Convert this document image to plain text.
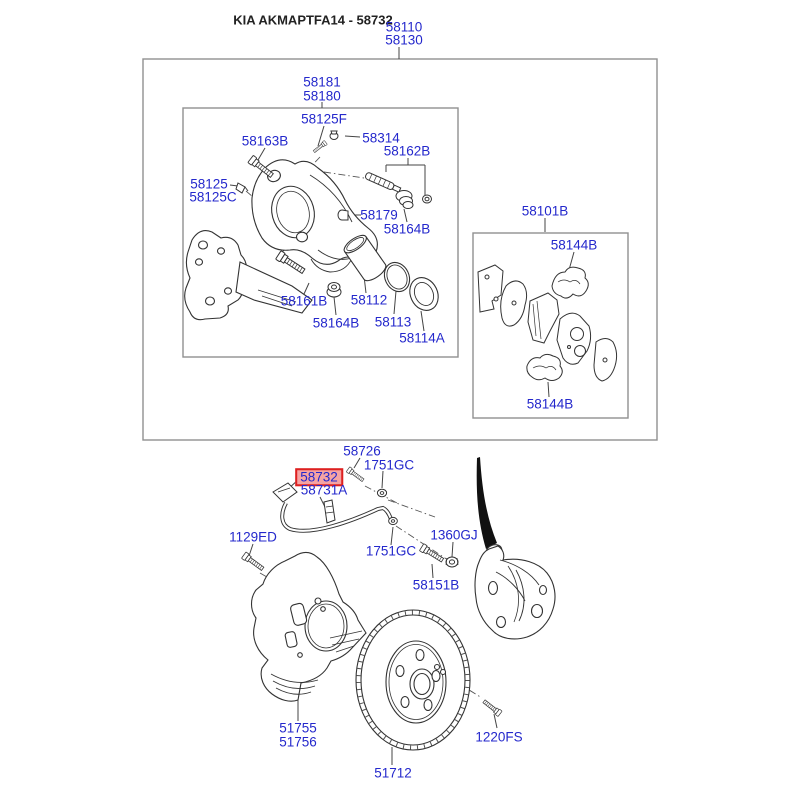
KIA AKMAPTFA14 - 58732
58110
58130
58181
58180
58125F
58163B	58314
58162B
58125
58125C
58179
58164B
58161B 58112
58164B 58113
58114A
58101B
58144B
58144B
58726
1751GC
58732
58731A
1129ED	1360GJ
1751GC
58151B
51755
51756
51712
1220FS
